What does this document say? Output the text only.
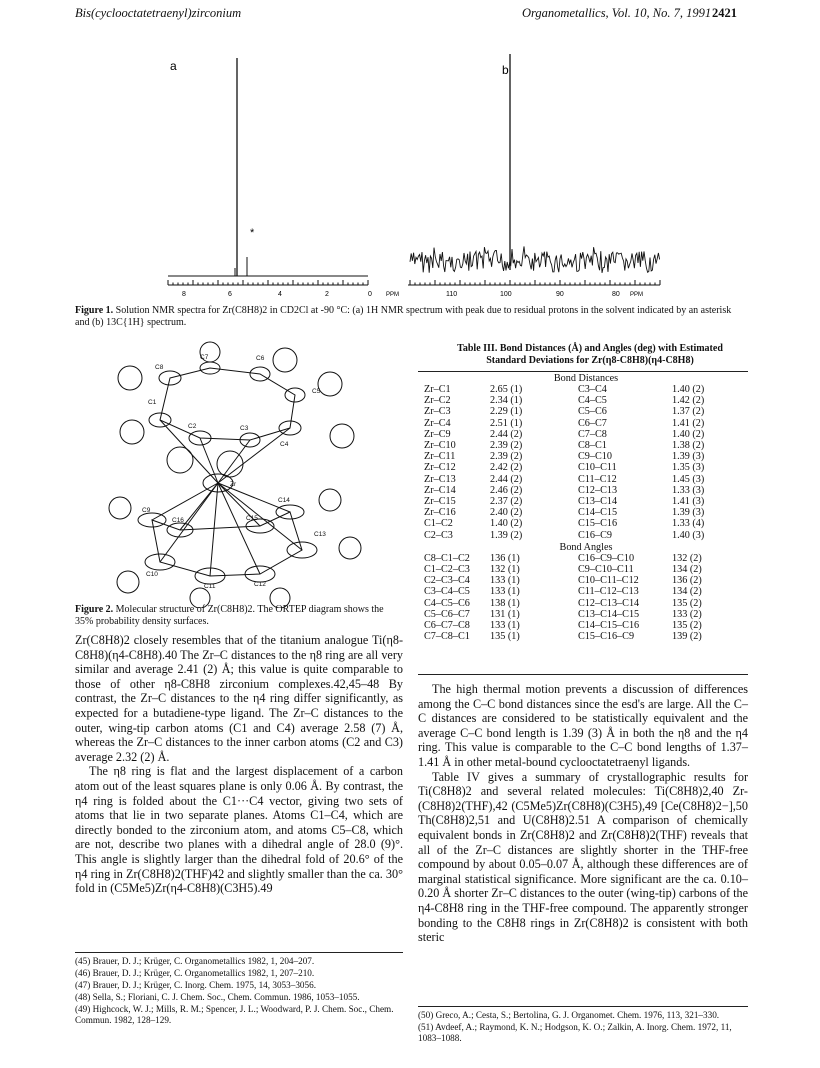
Bis(cyclooctatetraenyl)zirconium	Organometallics, Vol. 10, No. 7, 1991 2421
a	b
*
8	6	4	2	0 PPM	110	100	90	80 PPM
Figure 1. Solution NMR spectra for Zr(C8H8)2 in CD2Cl at -90 °C: (a) 1H NMR spectrum with peak due to residual protons in the solvent indicated by an asterisk and (b) 13C{1H} spectrum.
C7	C6
C8
C5
C1
C2	C3
C4
Zr
C14
C9
C16	C15
C13
C10
C11	C12
Figure 2. Molecular structure of Zr(C8H8)2. The ORTEP diagram shows the 35% probability density surfaces.

Zr(C8H8)2 closely resembles that of the titanium analogue Ti(η8-C8H8)(η4-C8H8).40 The Zr–C distances to the η8 ring are all very similar and average 2.41 (2) Å; this value is quite comparable to those of other η8-C8H8 zirconium complexes.42,45–48 By contrast, the Zr–C distances to the η4 ring differ significantly, as expected for a butadiene-type ligand. The Zr–C distances to the outer, wing-tip carbon atoms (C1 and C4) average 2.58 (7) Å, whereas the Zr–C distances to the inner carbon atoms (C2 and C3) average 2.32 (2) Å.

The η8 ring is flat and the largest displacement of a carbon atom out of the least squares plane is only 0.06 Å. By contrast, the η4 ring is folded about the C1···C4 vector, giving two sets of atoms that lie in two separate planes. Atoms C1–C4, which are directly bonded to the zirconium atom, and atoms C5–C8, which are not, describe two planes with a dihedral angle of 28.0 (9)°. This angle is slightly larger than the dihedral fold of 20.6° of the η4 ring in Zr(C8H8)2(THF)42 and slightly smaller than the ca. 30° fold in (C5Me5)Zr(η4-C8H8)(C3H5).49

(45) Brauer, D. J.; Krüger, C. Organometallics 1982, 1, 204–207.
(46) Brauer, D. J.; Krüger, C. Organometallics 1982, 1, 207–210.
(47) Brauer, D. J.; Krüger, C. Inorg. Chem. 1975, 14, 3053–3056.
(48) Sella, S.; Floriani, C. J. Chem. Soc., Chem. Commun. 1986, 1053–1055.
(49) Highcock, W. J.; Mills, R. M.; Spencer, J. L.; Woodward, P. J. Chem. Soc., Chem. Commun. 1982, 128–129.
Table III. Bond Distances (Å) and Angles (deg) with Estimated Standard Deviations for Zr(η8-C8H8)(η4-C8H8)
Bond Distances
Zr–C1	2.65 (1)	C3–C4	1.40 (2)
Zr–C2	2.34 (1)	C4–C5	1.42 (2)
Zr–C3	2.29 (1)	C5–C6	1.37 (2)
Zr–C4	2.51 (1)	C6–C7	1.41 (2)
Zr–C9	2.44 (2)	C7–C8	1.40 (2)
Zr–C10	2.39 (2)	C8–C1	1.38 (2)
Zr–C11	2.39 (2)	C9–C10	1.39 (3)
Zr–C12	2.42 (2)	C10–C11	1.35 (3)
Zr–C13	2.44 (2)	C11–C12	1.45 (3)
Zr–C14	2.46 (2)	C12–C13	1.33 (3)
Zr–C15	2.37 (2)	C13–C14	1.41 (3)
Zr–C16	2.40 (2)	C14–C15	1.39 (3)
C1–C2	1.40 (2)	C15–C16	1.33 (4)
C2–C3	1.39 (2)	C16–C9	1.40 (3)
Bond Angles
C8–C1–C2	136 (1)	C16–C9–C10	132 (2)
C1–C2–C3	132 (1)	C9–C10–C11	134 (2)
C2–C3–C4	133 (1)	C10–C11–C12	136 (2)
C3–C4–C5	133 (1)	C11–C12–C13	134 (2)
C4–C5–C6	138 (1)	C12–C13–C14	135 (2)
C5–C6–C7	131 (1)	C13–C14–C15	133 (2)
C6–C7–C8	133 (1)	C14–C15–C16	135 (2)
C7–C8–C1	135 (1)	C15–C16–C9	139 (2)

The high thermal motion prevents a discussion of differences among the C–C bond distances since the esd's are large. All the C–C distances are considered to be statistically equivalent and the average C–C bond length is 1.39 (3) Å in both the η8 and the η4 ring. This value is comparable to the C–C bond lengths of 1.37–1.41 Å in other metal-bound cyclooctatetraenyl ligands.

Table IV gives a summary of crystallographic results for Ti(C8H8)2 and several related molecules: Ti(C8H8)2,40 Zr-(C8H8)2(THF),42 (C5Me5)Zr(C8H8)(C3H5),49 [Ce(C8H8)2−],50 Th(C8H8)2,51 and U(C8H8)2.51 A comparison of chemically equivalent bonds in Zr(C8H8)2 and Zr(C8H8)2(THF) reveals that all of the Zr–C distances are slightly shorter in the THF-free compound by about 0.05–0.07 Å, although these differences are of marginal statistical significance. More significant are the ca. 0.10–0.20 Å shorter Zr–C distances to the outer (wing-tip) carbons of the η4-C8H8 ring in the THF-free compound. The apparently stronger bonding to the C8H8 rings in Zr(C8H8)2 is consistent with both steric

(50) Greco, A.; Cesta, S.; Bertolina, G. J. Organomet. Chem. 1976, 113, 321–330.
(51) Avdeef, A.; Raymond, K. N.; Hodgson, K. O.; Zalkin, A. Inorg. Chem. 1972, 11, 1083–1088.
